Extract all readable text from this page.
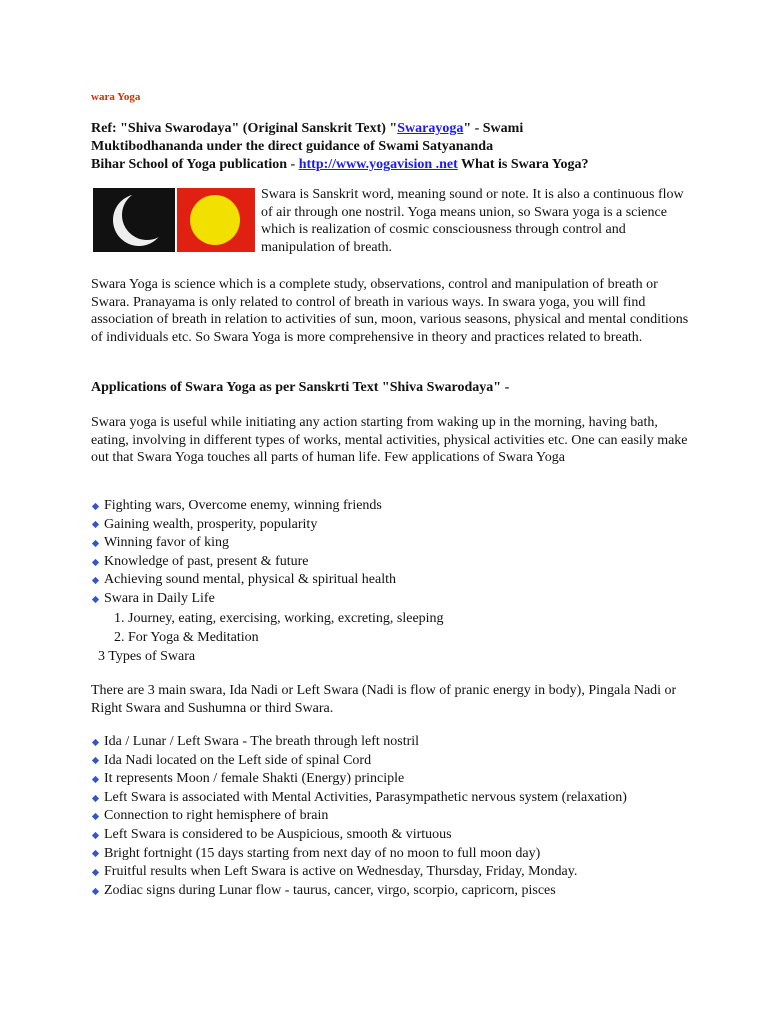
wara Yoga
Ref: "Shiva Swarodaya" (Original Sanskrit Text) "Swarayoga" - Swami
Muktibodhananda under the direct guidance of Swami Satyananda
Bihar School of Yoga publication - http://www.yogavision .net What is Swara Yoga?
Swara is Sanskrit word, meaning sound or note. It is also a continuous flow of air through one nostril. Yoga means union, so Swara yoga is a science which is realization of cosmic consciousness through control and manipulation of breath.
Swara Yoga is science which is a complete study, observations, control and manipulation of breath or Swara. Pranayama is only related to control of breath in various ways. In swara yoga, you will find association of breath in relation to activities of sun, moon, various seasons, physical and mental conditions of individuals etc. So Swara Yoga is more comprehensive in theory and practices related to breath.
Applications of Swara Yoga as per Sanskrti Text "Shiva Swarodaya" -
Swara yoga is useful while initiating any action starting from waking up in the morning, having bath, eating, involving in different types of works, mental activities, physical activities etc. One can easily make out that Swara Yoga touches all parts of human life. Few applications of Swara Yoga
Fighting wars, Overcome enemy, winning friends
Gaining wealth, prosperity, popularity
Winning favor of king
Knowledge of past, present & future
Achieving sound mental, physical & spiritual health
Swara in Daily Life
1. Journey, eating, exercising, working, excreting, sleeping
2. For Yoga & Meditation
3 Types of Swara
There are 3 main swara, Ida Nadi or Left Swara (Nadi is flow of pranic energy in body), Pingala Nadi or Right Swara and Sushumna or third Swara.
Ida / Lunar / Left Swara - The breath through left nostril
Ida Nadi located on the Left side of spinal Cord
It represents Moon / female Shakti (Energy) principle
Left Swara is associated with Mental Activities, Parasympathetic nervous system (relaxation)
Connection to right hemisphere of brain
Left Swara is considered to be Auspicious, smooth & virtuous
Bright fortnight (15 days starting from next day of no moon to full moon day)
Fruitful results when Left Swara is active on Wednesday, Thursday, Friday, Monday.
Zodiac signs during Lunar flow - taurus, cancer, virgo, scorpio, capricorn, pisces
